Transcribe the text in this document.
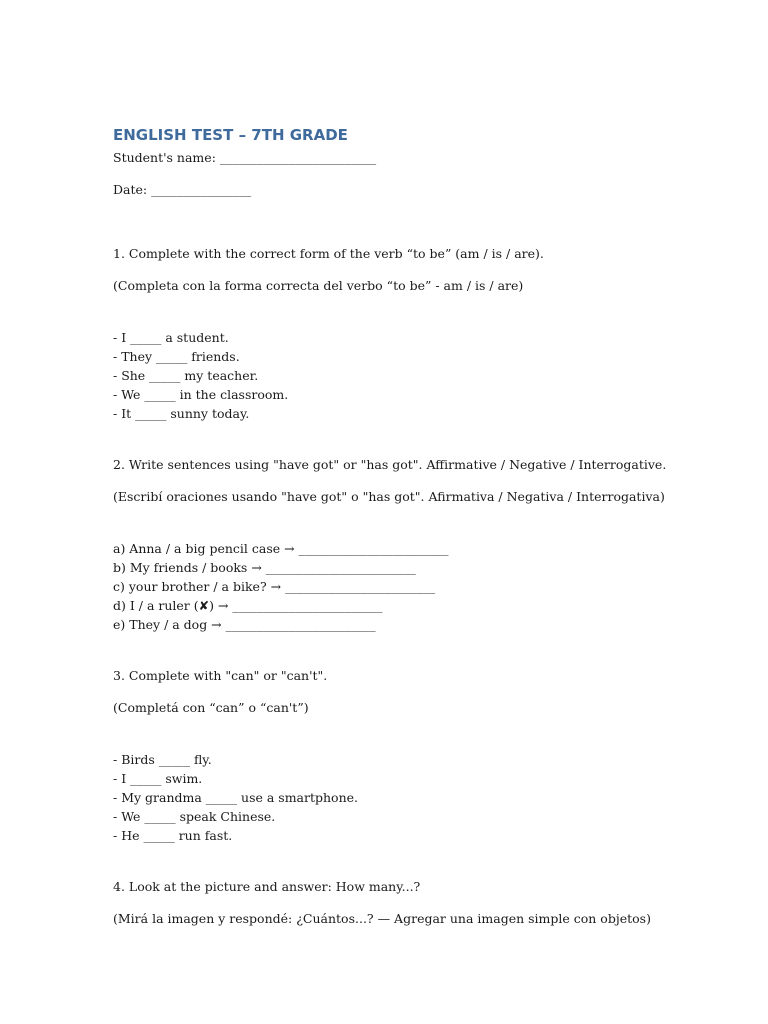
ENGLISH TEST – 7TH GRADE

Student's name: _________________________

Date: ________________

1. Complete with the correct form of the verb “to be” (am / is / are).

(Completa con la forma correcta del verbo “to be” - am / is / are)

- I _____ a student.

- They _____ friends.

- She _____ my teacher.

- We _____ in the classroom.

- It _____ sunny today.

2. Write sentences using "have got" or "has got". Affirmative / Negative / Interrogative.

(Escribí oraciones usando "have got" o "has got". Afirmativa / Negativa / Interrogativa)

a) Anna / a big pencil case → ________________________

b) My friends / books → ________________________

c) your brother / a bike? → ________________________

d) I / a ruler (✘) → ________________________

e) They / a dog → ________________________

3. Complete with "can" or "can't".

(Completá con “can” o “can't”)

- Birds _____ fly.

- I _____ swim.

- My grandma _____ use a smartphone.

- We _____ speak Chinese.

- He _____ run fast.

4. Look at the picture and answer: How many...?

(Mirá la imagen y respondé: ¿Cuántos...? — Agregar una imagen simple con objetos)
